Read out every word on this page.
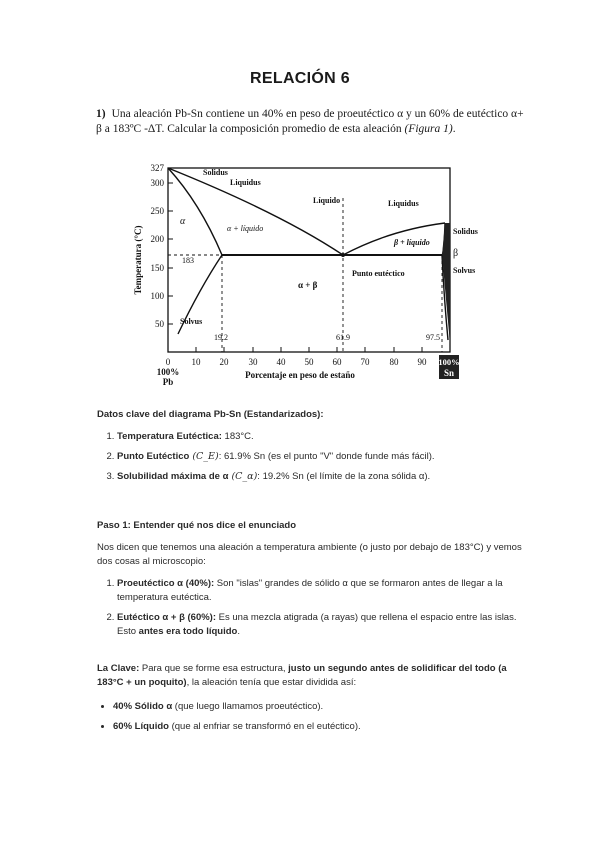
RELACIÓN 6
1) Una aleación Pb-Sn contiene un 40% en peso de proeutéctico α y un 60% de eutéctico α+ β a 183ºC -ΔT. Calcular la composición promedio de esta aleación (Figura 1).
327
300
250
200
150
100
50
183
0 10 20 30 40 50 60 70 80 90 100%
Sn
100%
Pb
Porcentaje en peso de estaño
Temperatura (°C)
Solidus
Liquidus
Líquido	Liquidus
α
α + líquido
β + líquido
Solidus
β
Solvus
Solvus
Punto eutéctico
α + β
19.2	61.9	97.5
Datos clave del diagrama Pb-Sn (Estandarizados):
1. Temperatura Eutéctica: 183°C.
2. Punto Eutéctico (C_E): 61.9% Sn (es el punto "V" donde funde más fácil).
3. Solubilidad máxima de α (C_α): 19.2% Sn (el límite de la zona sólida α).
Paso 1: Entender qué nos dice el enunciado
Nos dicen que tenemos una aleación a temperatura ambiente (o justo por debajo de 183°C) y vemos dos cosas al microscopio:
1. Proeutéctico α (40%): Son "islas" grandes de sólido α que se formaron antes de llegar a la temperatura eutéctica.
2. Eutéctico α + β (60%): Es una mezcla atigrada (a rayas) que rellena el espacio entre las islas. Esto antes era todo líquido.
La Clave: Para que se forme esa estructura, justo un segundo antes de solidificar del todo (a 183°C + un poquito), la aleación tenía que estar dividida así:
• 40% Sólido α (que luego llamamos proeutéctico).
• 60% Líquido (que al enfriar se transformó en el eutéctico).
